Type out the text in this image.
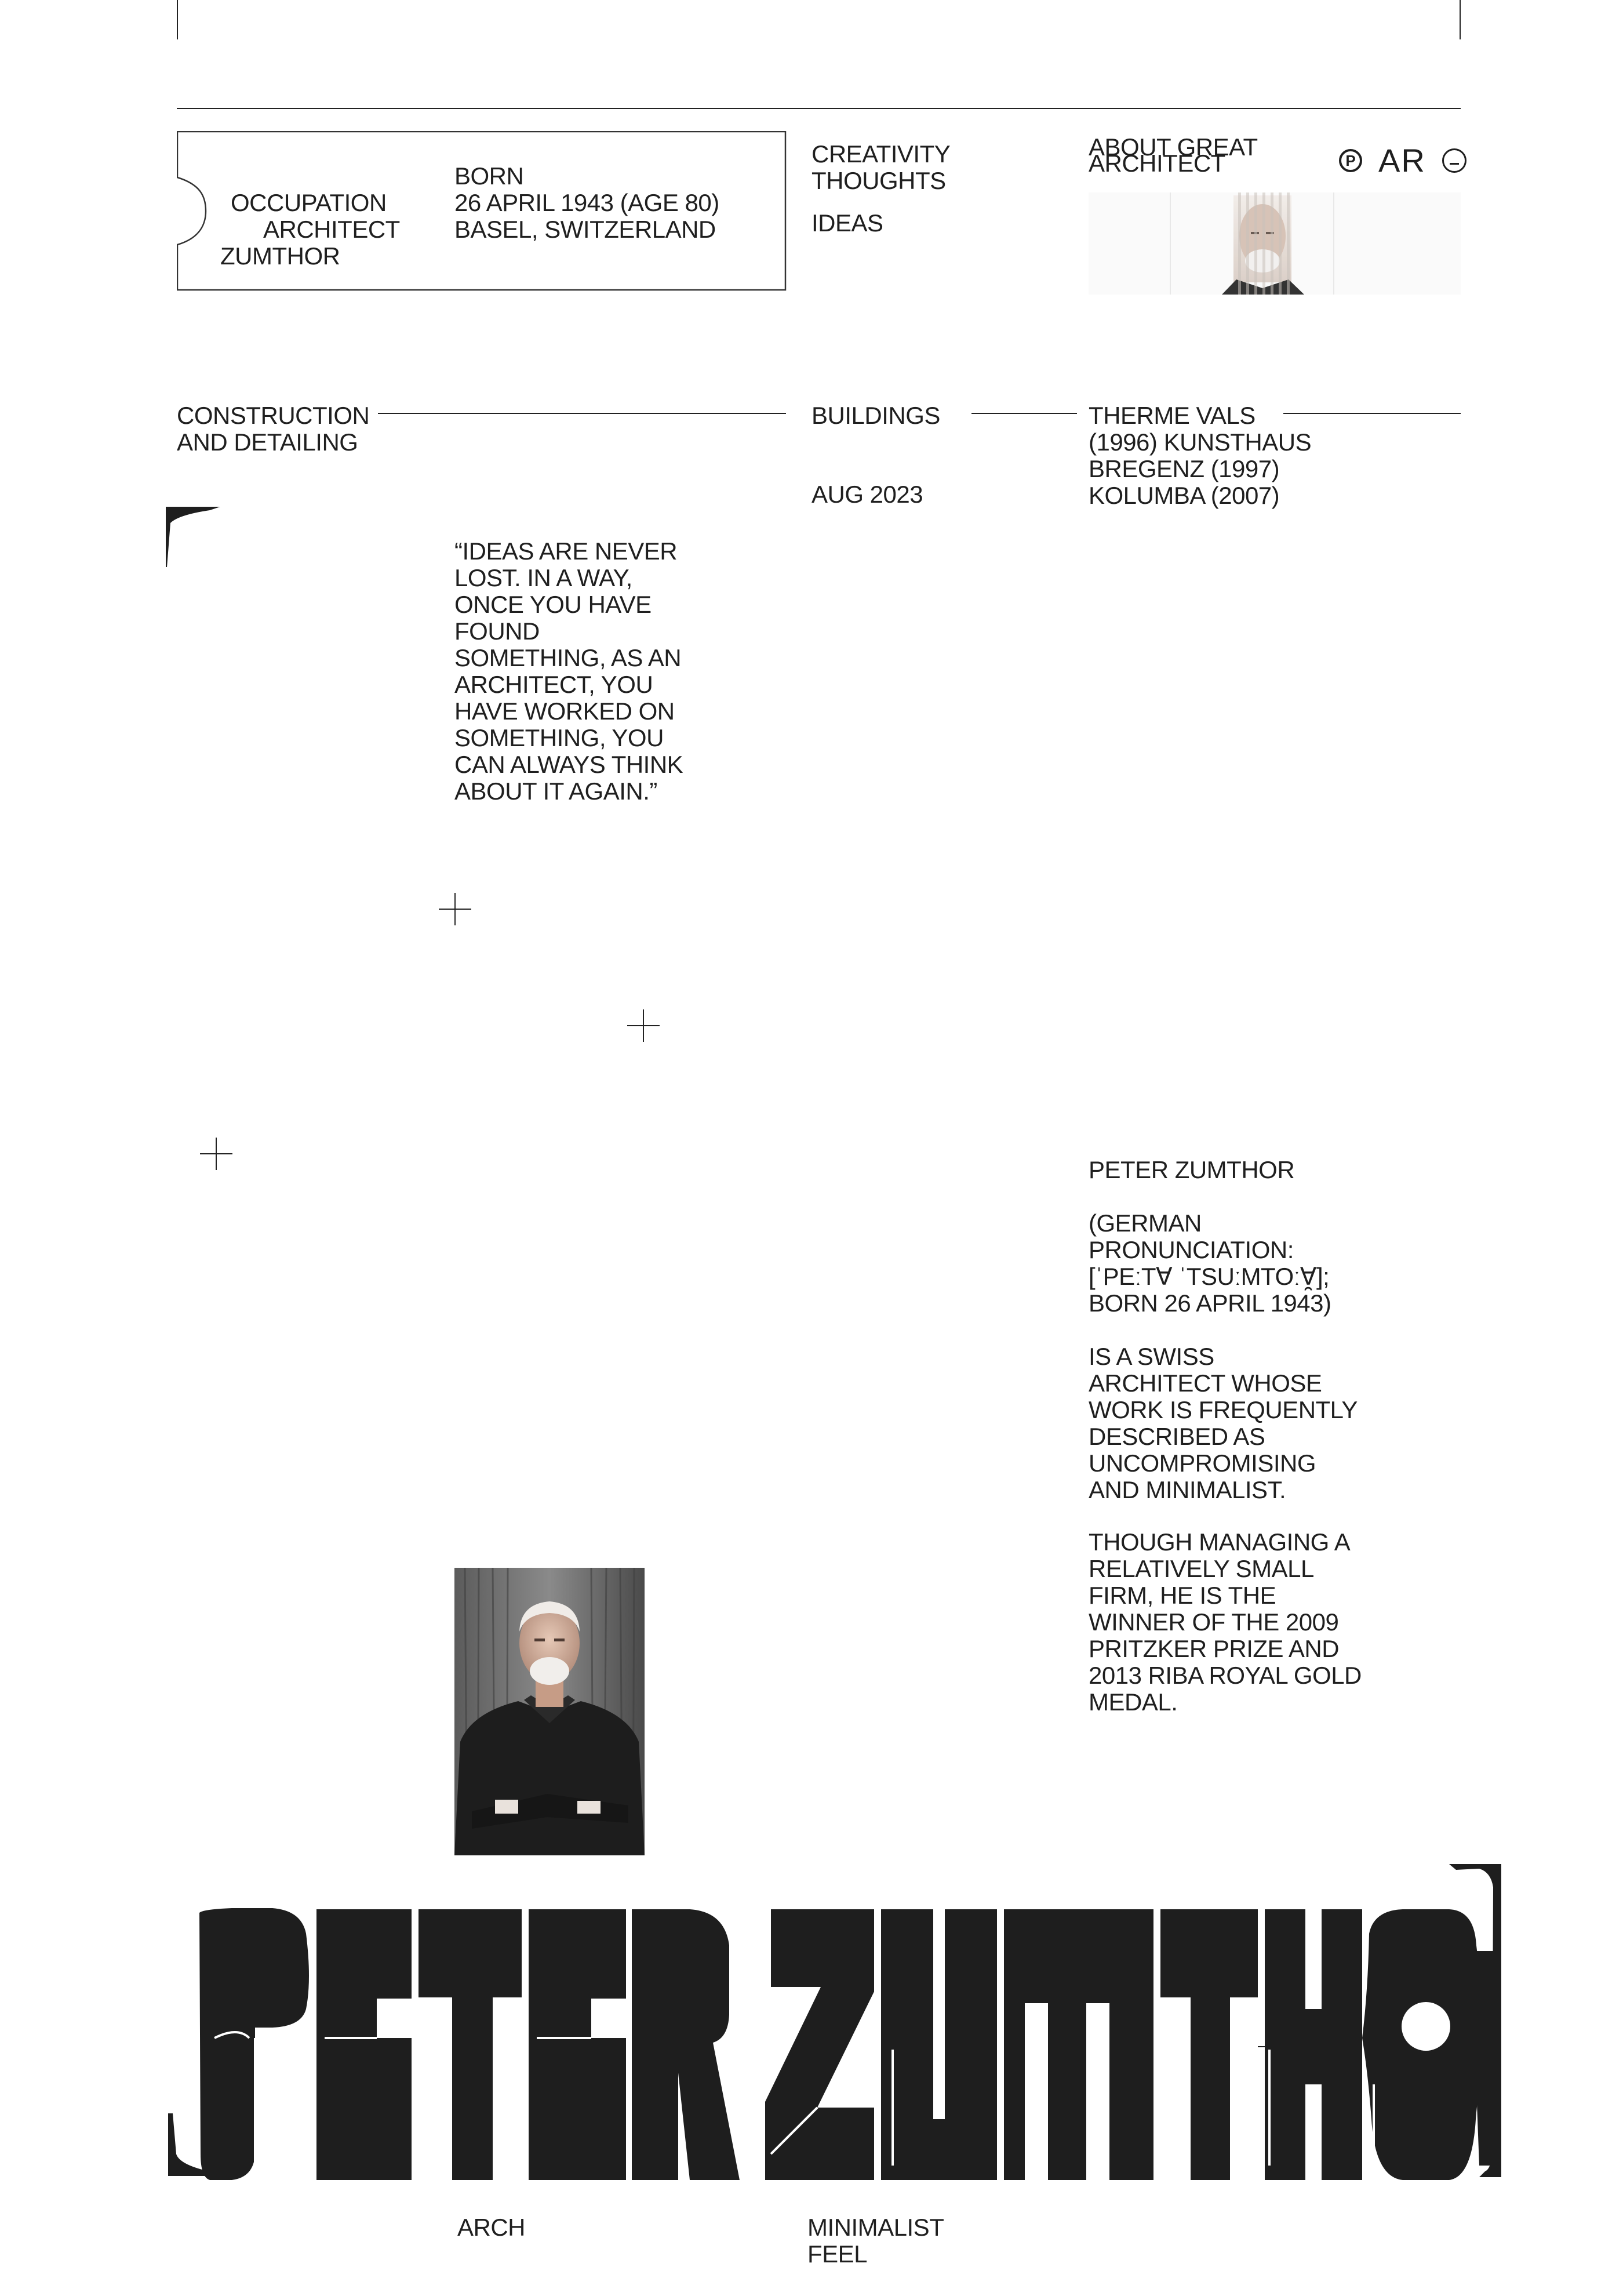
OCCUPATION
ARCHITECT
ZUMTHOR
BORN
26 APRIL 1943 (AGE 80)
BASEL, SWITZERLAND
CREATIVITY
THOUGHTS
IDEAS
ABOUT GREAT
ARCHITECT	P AR
CONSTRUCTION
AND DETAILING
BUILDINGS
AUG 2023
THERME VALS
(1996) KUNSTHAUS
BREGENZ (1997)
KOLUMBA (2007)
“IDEAS ARE NEVER
LOST. IN A WAY,
ONCE YOU HAVE
FOUND
SOMETHING, AS AN
ARCHITECT, YOU
HAVE WORKED ON
SOMETHING, YOU
CAN ALWAYS THINK
ABOUT IT AGAIN.”
PETER ZUMTHOR
(GERMAN
PRONUNCIATION:
[ˈPEːTⱯ ˈTSUːMTOːⱯ̯];
BORN 26 APRIL 1943)
IS A SWISS
ARCHITECT WHOSE
WORK IS FREQUENTLY
DESCRIBED AS
UNCOMPROMISING
AND MINIMALIST.
THOUGH MANAGING A
RELATIVELY SMALL
FIRM, HE IS THE
WINNER OF THE 2009
PRITZKER PRIZE AND
2013 RIBA ROYAL GOLD
MEDAL.
ARCH	MINIMALIST
FEEL
